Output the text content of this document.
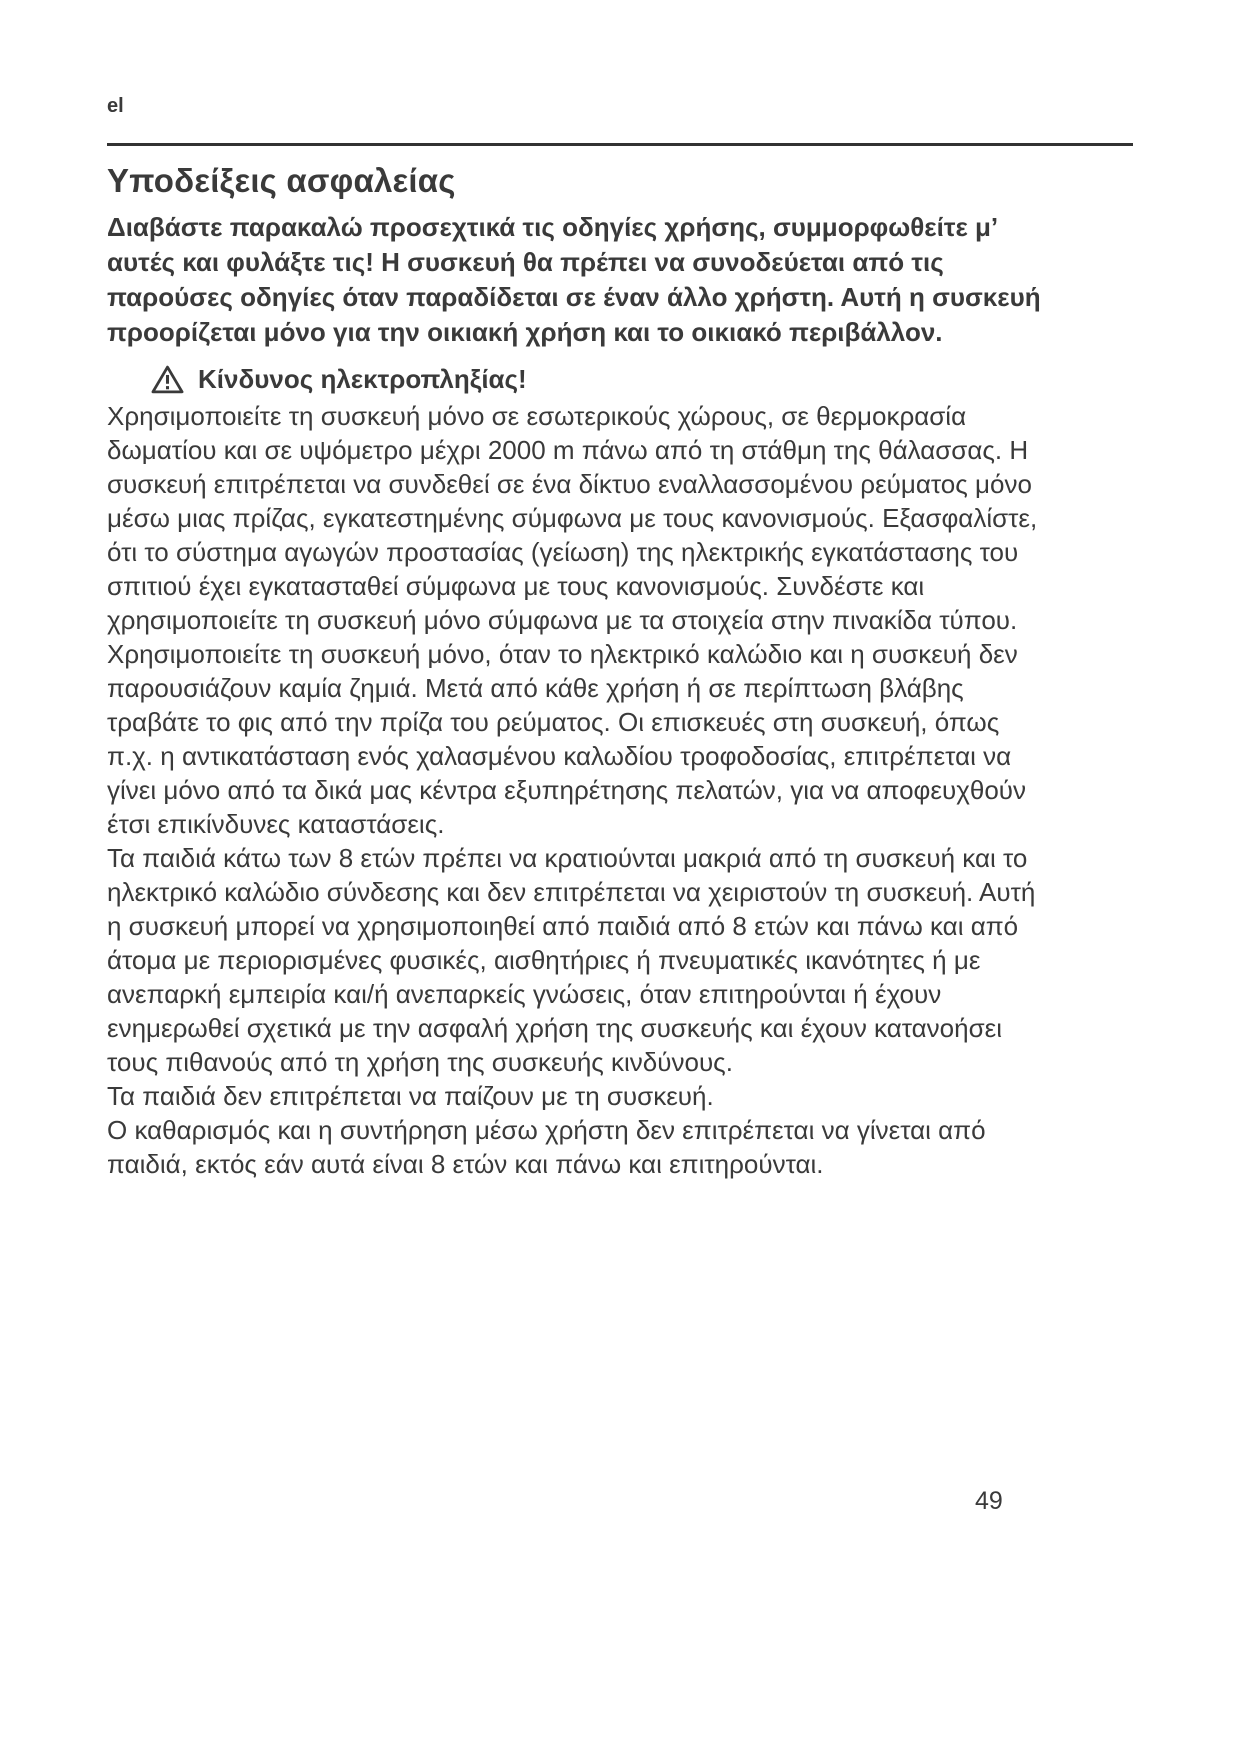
el
Υποδείξεις ασφαλείας

Διαβάστε παρακαλώ προσεχτικά τις οδηγίες χρήσης, συμμορφωθείτε μ’ αυτές και φυλάξτε τις! Η συσκευή θα πρέπει να συνοδεύεται από τις παρούσες οδηγίες όταν παραδίδεται σε έναν άλλο χρήστη. Αυτή η συσκευή προορίζεται μόνο για την οικιακή χρήση και το οικιακό περιβάλλον.

Κίνδυνος ηλεκτροπληξίας!

Χρησιμοποιείτε τη συσκευή μόνο σε εσωτερικούς χώρους, σε θερμοκρασία δωματίου και σε υψόμετρο μέχρι 2000 m πάνω από τη στάθμη της θάλασσας. Η συσκευή επιτρέπεται να συνδεθεί σε ένα δίκτυο εναλλασσομένου ρεύματος μόνο μέσω μιας πρίζας, εγκατεστημένης σύμφωνα με τους κανονισμούς. Εξασφαλίστε, ότι το σύστημα αγωγών προστασίας (γείωση) της ηλεκτρικής εγκατάστασης του σπιτιού έχει εγκατασταθεί σύμφωνα με τους κανονισμούς. Συνδέστε και χρησιμοποιείτε τη συσκευή μόνο σύμφωνα με τα στοιχεία στην πινακίδα τύπου. Χρησιμοποιείτε τη συσκευή μόνο, όταν το ηλεκτρικό καλώδιο και η συσκευή δεν παρουσιάζουν καμία ζημιά. Μετά από κάθε χρήση ή σε περίπτωση βλάβης τραβάτε το φις από την πρίζα του ρεύματος. Οι επισκευές στη συσκευή, όπως π.χ. η αντικατάσταση ενός χαλασμένου καλωδίου τροφοδοσίας, επιτρέπεται να γίνει μόνο από τα δικά μας κέντρα εξυπηρέτησης πελατών, για να αποφευχθούν έτσι επικίνδυνες καταστάσεις.

Τα παιδιά κάτω των 8 ετών πρέπει να κρατιούνται μακριά από τη συσκευή και το ηλεκτρικό καλώδιο σύνδεσης και δεν επιτρέπεται να χειριστούν τη συσκευή. Αυτή η συσκευή μπορεί να χρησιμοποιηθεί από παιδιά από 8 ετών και πάνω και από άτομα με περιορισμένες φυσικές, αισθητήριες ή πνευματικές ικανότητες ή με ανεπαρκή εμπειρία και/ή ανεπαρκείς γνώσεις, όταν επιτηρούνται ή έχουν ενημερωθεί σχετικά με την ασφαλή χρήση της συσκευής και έχουν κατανοήσει τους πιθανούς από τη χρήση της συσκευής κινδύνους.

Τα παιδιά δεν επιτρέπεται να παίζουν με τη συσκευή.

Ο καθαρισμός και η συντήρηση μέσω χρήστη δεν επιτρέπεται να γίνεται από παιδιά, εκτός εάν αυτά είναι 8 ετών και πάνω και επιτηρούνται.

49
